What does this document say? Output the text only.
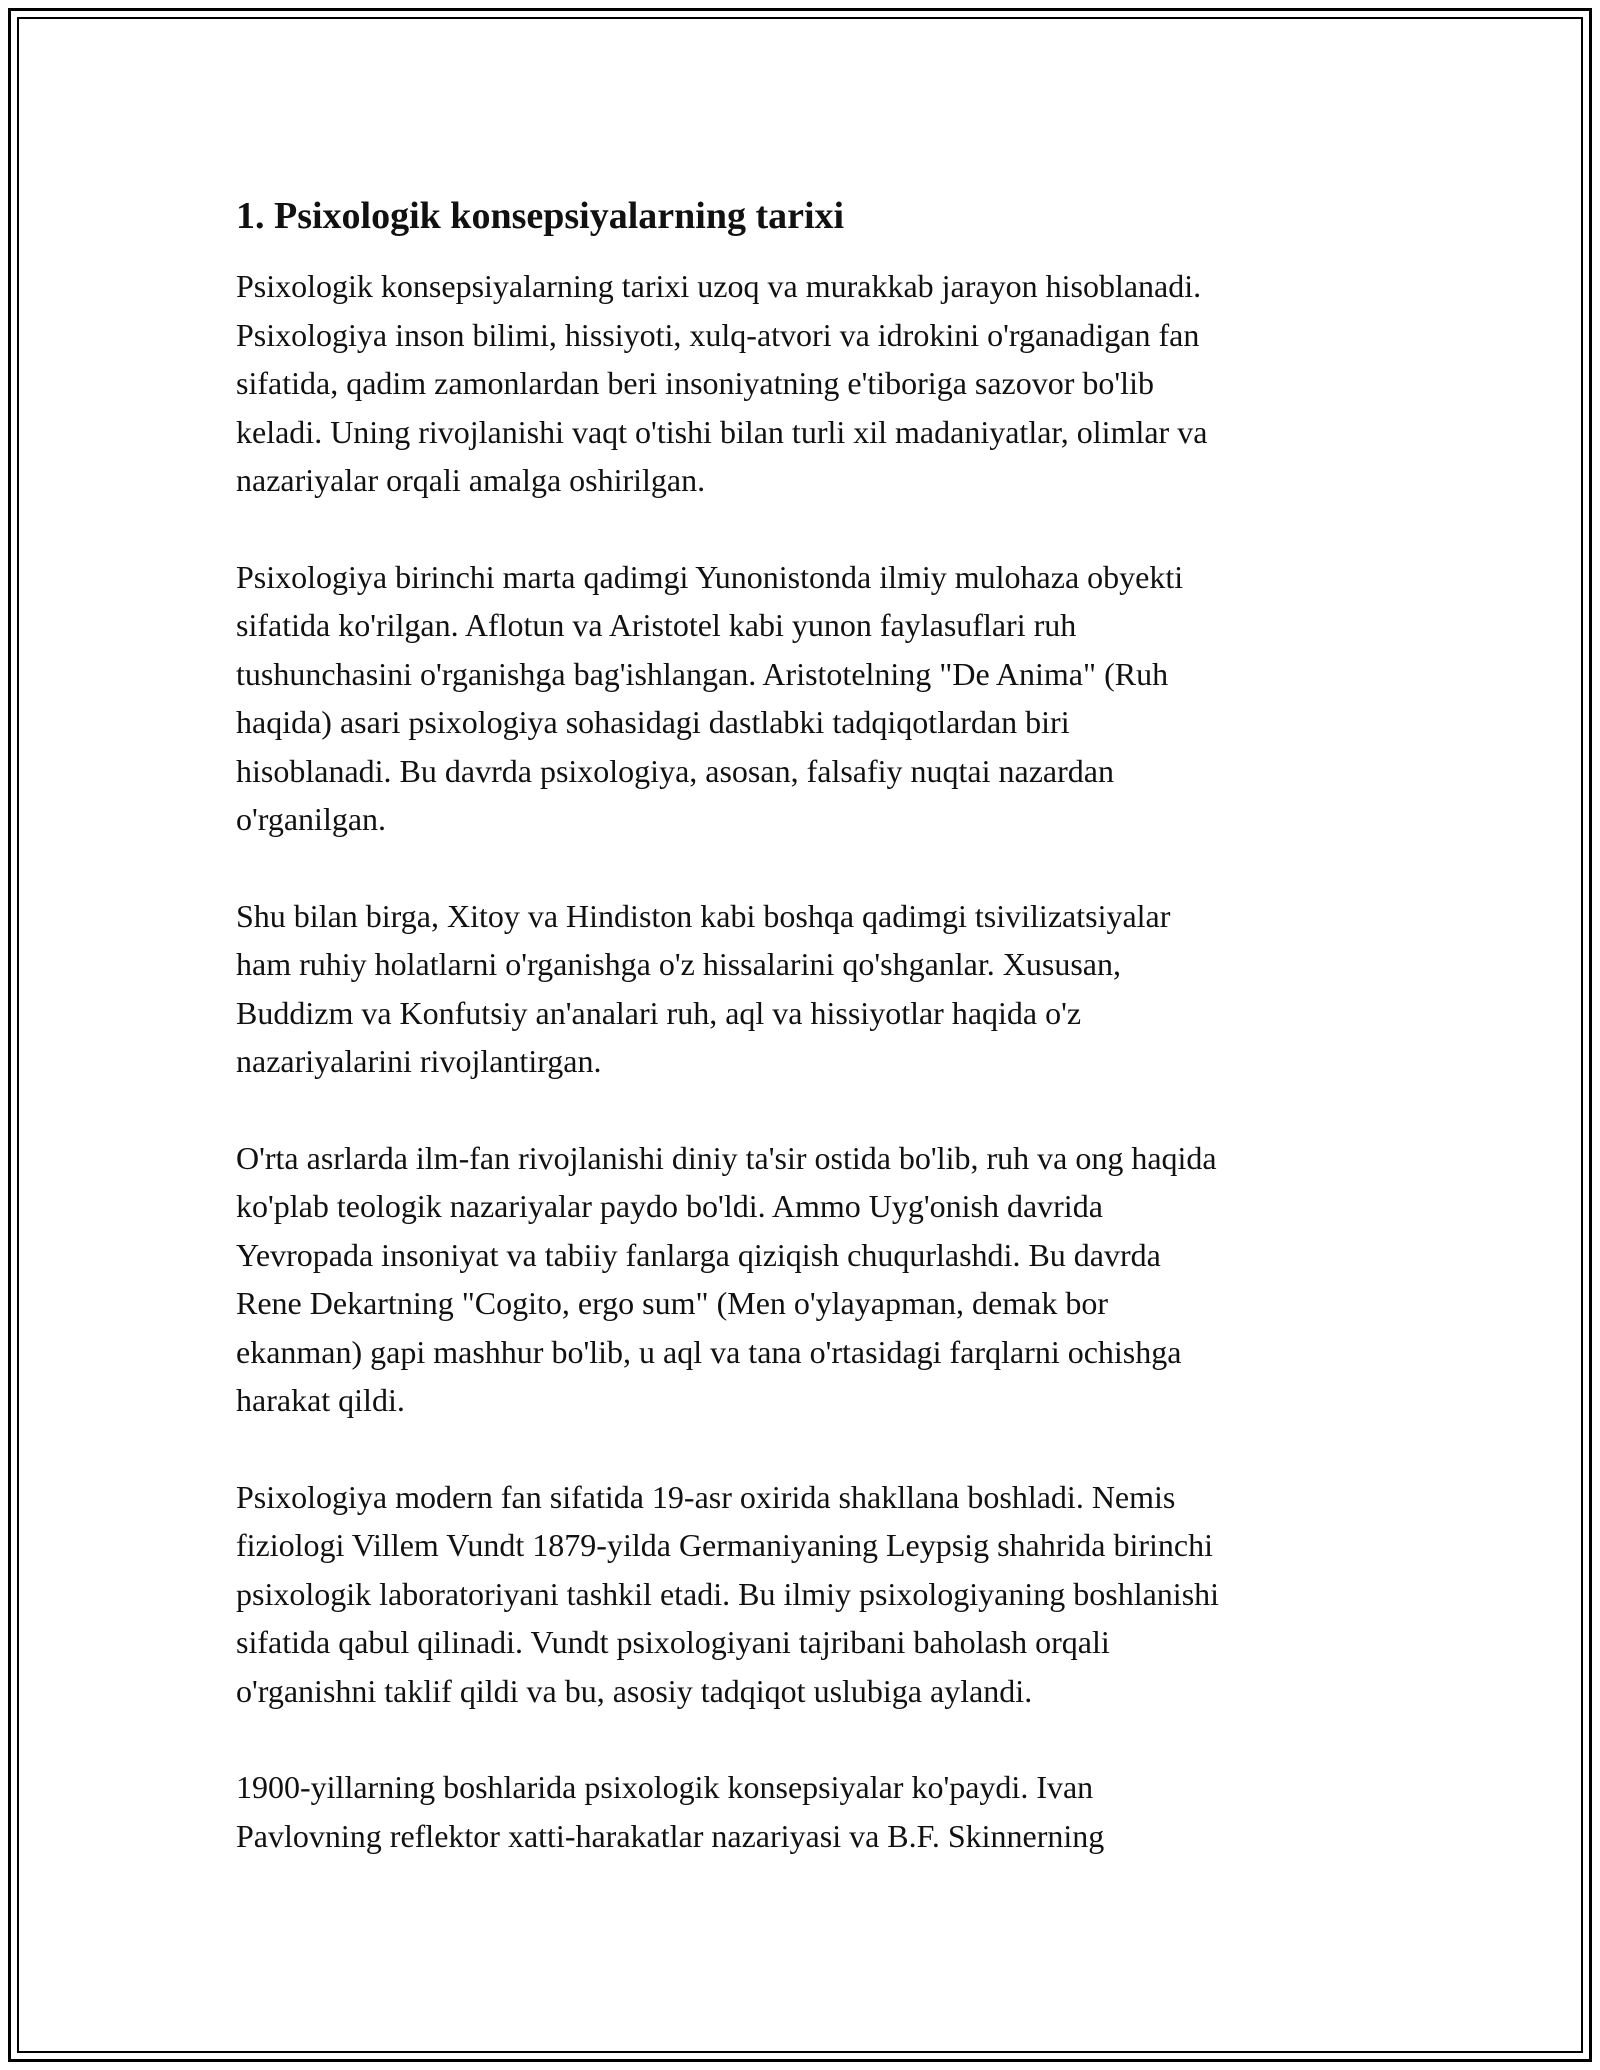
1. Psixologik konsepsiyalarning tarixi

Psixologik konsepsiyalarning tarixi uzoq va murakkab jarayon hisoblanadi.
Psixologiya inson bilimi, hissiyoti, xulq-atvori va idrokini o'rganadigan fan
sifatida, qadim zamonlardan beri insoniyatning e'tiboriga sazovor bo'lib
keladi. Uning rivojlanishi vaqt o'tishi bilan turli xil madaniyatlar, olimlar va
nazariyalar orqali amalga oshirilgan.

Psixologiya birinchi marta qadimgi Yunonistonda ilmiy mulohaza obyekti
sifatida ko'rilgan. Aflotun va Aristotel kabi yunon faylasuflari ruh
tushunchasini o'rganishga bag'ishlangan. Aristotelning "De Anima" (Ruh
haqida) asari psixologiya sohasidagi dastlabki tadqiqotlardan biri
hisoblanadi. Bu davrda psixologiya, asosan, falsafiy nuqtai nazardan
o'rganilgan.

Shu bilan birga, Xitoy va Hindiston kabi boshqa qadimgi tsivilizatsiyalar
ham ruhiy holatlarni o'rganishga o'z hissalarini qo'shganlar. Xususan,
Buddizm va Konfutsiy an'analari ruh, aql va hissiyotlar haqida o'z
nazariyalarini rivojlantirgan.

O'rta asrlarda ilm-fan rivojlanishi diniy ta'sir ostida bo'lib, ruh va ong haqida
ko'plab teologik nazariyalar paydo bo'ldi. Ammo Uyg'onish davrida
Yevropada insoniyat va tabiiy fanlarga qiziqish chuqurlashdi. Bu davrda
Rene Dekartning "Cogito, ergo sum" (Men o'ylayapman, demak bor
ekanman) gapi mashhur bo'lib, u aql va tana o'rtasidagi farqlarni ochishga
harakat qildi.

Psixologiya modern fan sifatida 19-asr oxirida shakllana boshladi. Nemis
fiziologi Villem Vundt 1879-yilda Germaniyaning Leypsig shahrida birinchi
psixologik laboratoriyani tashkil etadi. Bu ilmiy psixologiyaning boshlanishi
sifatida qabul qilinadi. Vundt psixologiyani tajribani baholash orqali
o'rganishni taklif qildi va bu, asosiy tadqiqot uslubiga aylandi.

1900-yillarning boshlarida psixologik konsepsiyalar ko'paydi. Ivan
Pavlovning reflektor xatti-harakatlar nazariyasi va B.F. Skinnerning
